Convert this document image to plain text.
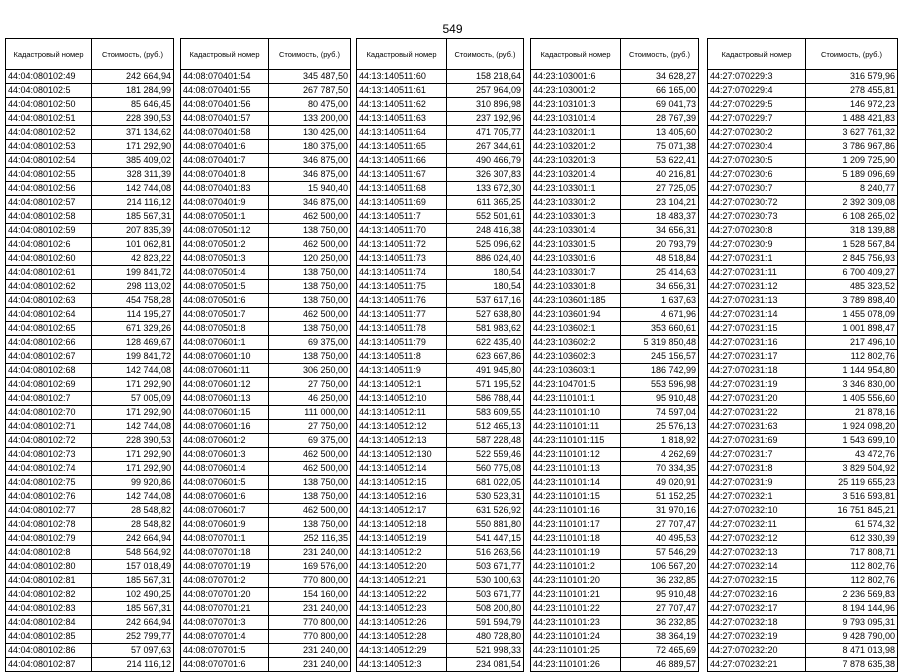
549
Кадастровый номер	Стоимость, (руб.)
44:04:080102:49	242 664,94
44:04:080102:5	181 284,99
44:04:080102:50	85 646,45
44:04:080102:51	228 390,53
44:04:080102:52	371 134,62
44:04:080102:53	171 292,90
44:04:080102:54	385 409,02
44:04:080102:55	328 311,39
44:04:080102:56	142 744,08
44:04:080102:57	214 116,12
44:04:080102:58	185 567,31
44:04:080102:59	207 835,39
44:04:080102:6	101 062,81
44:04:080102:60	42 823,22
44:04:080102:61	199 841,72
44:04:080102:62	298 113,02
44:04:080102:63	454 758,28
44:04:080102:64	114 195,27
44:04:080102:65	671 329,26
44:04:080102:66	128 469,67
44:04:080102:67	199 841,72
44:04:080102:68	142 744,08
44:04:080102:69	171 292,90
44:04:080102:7	57 005,09
44:04:080102:70	171 292,90
44:04:080102:71	142 744,08
44:04:080102:72	228 390,53
44:04:080102:73	171 292,90
44:04:080102:74	171 292,90
44:04:080102:75	99 920,86
44:04:080102:76	142 744,08
44:04:080102:77	28 548,82
44:04:080102:78	28 548,82
44:04:080102:79	242 664,94
44:04:080102:8	548 564,92
44:04:080102:80	157 018,49
44:04:080102:81	185 567,31
44:04:080102:82	102 490,25
44:04:080102:83	185 567,31
44:04:080102:84	242 664,94
44:04:080102:85	252 799,77
44:04:080102:86	57 097,63
44:04:080102:87	214 116,12
Кадастровый номер	Стоимость, (руб.)
44:08:070401:54	345 487,50
44:08:070401:55	267 787,50
44:08:070401:56	80 475,00
44:08:070401:57	133 200,00
44:08:070401:58	130 425,00
44:08:070401:6	180 375,00
44:08:070401:7	346 875,00
44:08:070401:8	346 875,00
44:08:070401:83	15 940,40
44:08:070401:9	346 875,00
44:08:070501:1	462 500,00
44:08:070501:12	138 750,00
44:08:070501:2	462 500,00
44:08:070501:3	120 250,00
44:08:070501:4	138 750,00
44:08:070501:5	138 750,00
44:08:070501:6	138 750,00
44:08:070501:7	462 500,00
44:08:070501:8	138 750,00
44:08:070601:1	69 375,00
44:08:070601:10	138 750,00
44:08:070601:11	306 250,00
44:08:070601:12	27 750,00
44:08:070601:13	46 250,00
44:08:070601:15	111 000,00
44:08:070601:16	27 750,00
44:08:070601:2	69 375,00
44:08:070601:3	462 500,00
44:08:070601:4	462 500,00
44:08:070601:5	138 750,00
44:08:070601:6	138 750,00
44:08:070601:7	462 500,00
44:08:070601:9	138 750,00
44:08:070701:1	252 116,35
44:08:070701:18	231 240,00
44:08:070701:19	169 576,00
44:08:070701:2	770 800,00
44:08:070701:20	154 160,00
44:08:070701:21	231 240,00
44:08:070701:3	770 800,00
44:08:070701:4	770 800,00
44:08:070701:5	231 240,00
44:08:070701:6	231 240,00
Кадастровый номер	Стоимость, (руб.)
44:13:140511:60	158 218,64
44:13:140511:61	257 964,09
44:13:140511:62	310 896,98
44:13:140511:63	237 192,96
44:13:140511:64	471 705,77
44:13:140511:65	267 344,61
44:13:140511:66	490 466,79
44:13:140511:67	326 307,83
44:13:140511:68	133 672,30
44:13:140511:69	611 365,25
44:13:140511:7	552 501,61
44:13:140511:70	248 416,38
44:13:140511:72	525 096,62
44:13:140511:73	886 024,40
44:13:140511:74	180,54
44:13:140511:75	180,54
44:13:140511:76	537 617,16
44:13:140511:77	527 638,80
44:13:140511:78	581 983,62
44:13:140511:79	622 435,40
44:13:140511:8	623 667,86
44:13:140511:9	491 945,80
44:13:140512:1	571 195,52
44:13:140512:10	586 788,44
44:13:140512:11	583 609,55
44:13:140512:12	512 465,13
44:13:140512:13	587 228,48
44:13:140512:130	522 559,46
44:13:140512:14	560 775,08
44:13:140512:15	681 022,05
44:13:140512:16	530 523,31
44:13:140512:17	631 526,92
44:13:140512:18	550 881,80
44:13:140512:19	541 447,15
44:13:140512:2	516 263,56
44:13:140512:20	503 671,77
44:13:140512:21	530 100,63
44:13:140512:22	503 671,77
44:13:140512:23	508 200,80
44:13:140512:26	591 594,79
44:13:140512:28	480 728,80
44:13:140512:29	521 998,33
44:13:140512:3	234 081,54
Кадастровый номер	Стоимость, (руб.)
44:23:103001:6	34 628,27
44:23:103001:2	66 165,00
44:23:103101:3	69 041,73
44:23:103101:4	28 767,39
44:23:103201:1	13 405,60
44:23:103201:2	75 071,38
44:23:103201:3	53 622,41
44:23:103201:4	40 216,81
44:23:103301:1	27 725,05
44:23:103301:2	23 104,21
44:23:103301:3	18 483,37
44:23:103301:4	34 656,31
44:23:103301:5	20 793,79
44:23:103301:6	48 518,84
44:23:103301:7	25 414,63
44:23:103301:8	34 656,31
44:23:103601:185	1 637,63
44:23:103601:94	4 671,96
44:23:103602:1	353 660,61
44:23:103602:2	5 319 850,48
44:23:103602:3	245 156,57
44:23:103603:1	186 742,99
44:23:104701:5	553 596,98
44:23:110101:1	95 910,48
44:23:110101:10	74 597,04
44:23:110101:11	25 576,13
44:23:110101:115	1 818,92
44:23:110101:12	4 262,69
44:23:110101:13	70 334,35
44:23:110101:14	49 020,91
44:23:110101:15	51 152,25
44:23:110101:16	31 970,16
44:23:110101:17	27 707,47
44:23:110101:18	40 495,53
44:23:110101:19	57 546,29
44:23:110101:2	106 567,20
44:23:110101:20	36 232,85
44:23:110101:21	95 910,48
44:23:110101:22	27 707,47
44:23:110101:23	36 232,85
44:23:110101:24	38 364,19
44:23:110101:25	72 465,69
44:23:110101:26	46 889,57
Кадастровый номер	Стоимость, (руб.)
44:27:070229:3	316 579,96
44:27:070229:4	278 455,81
44:27:070229:5	146 972,23
44:27:070229:7	1 488 421,83
44:27:070230:2	3 627 761,32
44:27:070230:4	3 786 967,86
44:27:070230:5	1 209 725,90
44:27:070230:6	5 189 096,69
44:27:070230:7	8 240,77
44:27:070230:72	2 392 309,08
44:27:070230:73	6 108 265,02
44:27:070230:8	318 139,88
44:27:070230:9	1 528 567,84
44:27:070231:1	2 845 756,93
44:27:070231:11	6 700 409,27
44:27:070231:12	485 323,52
44:27:070231:13	3 789 898,40
44:27:070231:14	1 455 078,09
44:27:070231:15	1 001 898,47
44:27:070231:16	217 496,10
44:27:070231:17	112 802,76
44:27:070231:18	1 144 954,80
44:27:070231:19	3 346 830,00
44:27:070231:20	1 405 556,60
44:27:070231:22	21 878,16
44:27:070231:63	1 924 098,20
44:27:070231:69	1 543 699,10
44:27:070231:7	43 472,76
44:27:070231:8	3 829 504,92
44:27:070231:9	25 119 655,23
44:27:070232:1	3 516 593,81
44:27:070232:10	16 751 845,21
44:27:070232:11	61 574,32
44:27:070232:12	612 330,39
44:27:070232:13	717 808,71
44:27:070232:14	112 802,76
44:27:070232:15	112 802,76
44:27:070232:16	2 236 569,83
44:27:070232:17	8 194 144,96
44:27:070232:18	9 793 095,31
44:27:070232:19	9 428 790,00
44:27:070232:20	8 471 013,98
44:27:070232:21	7 878 635,38
